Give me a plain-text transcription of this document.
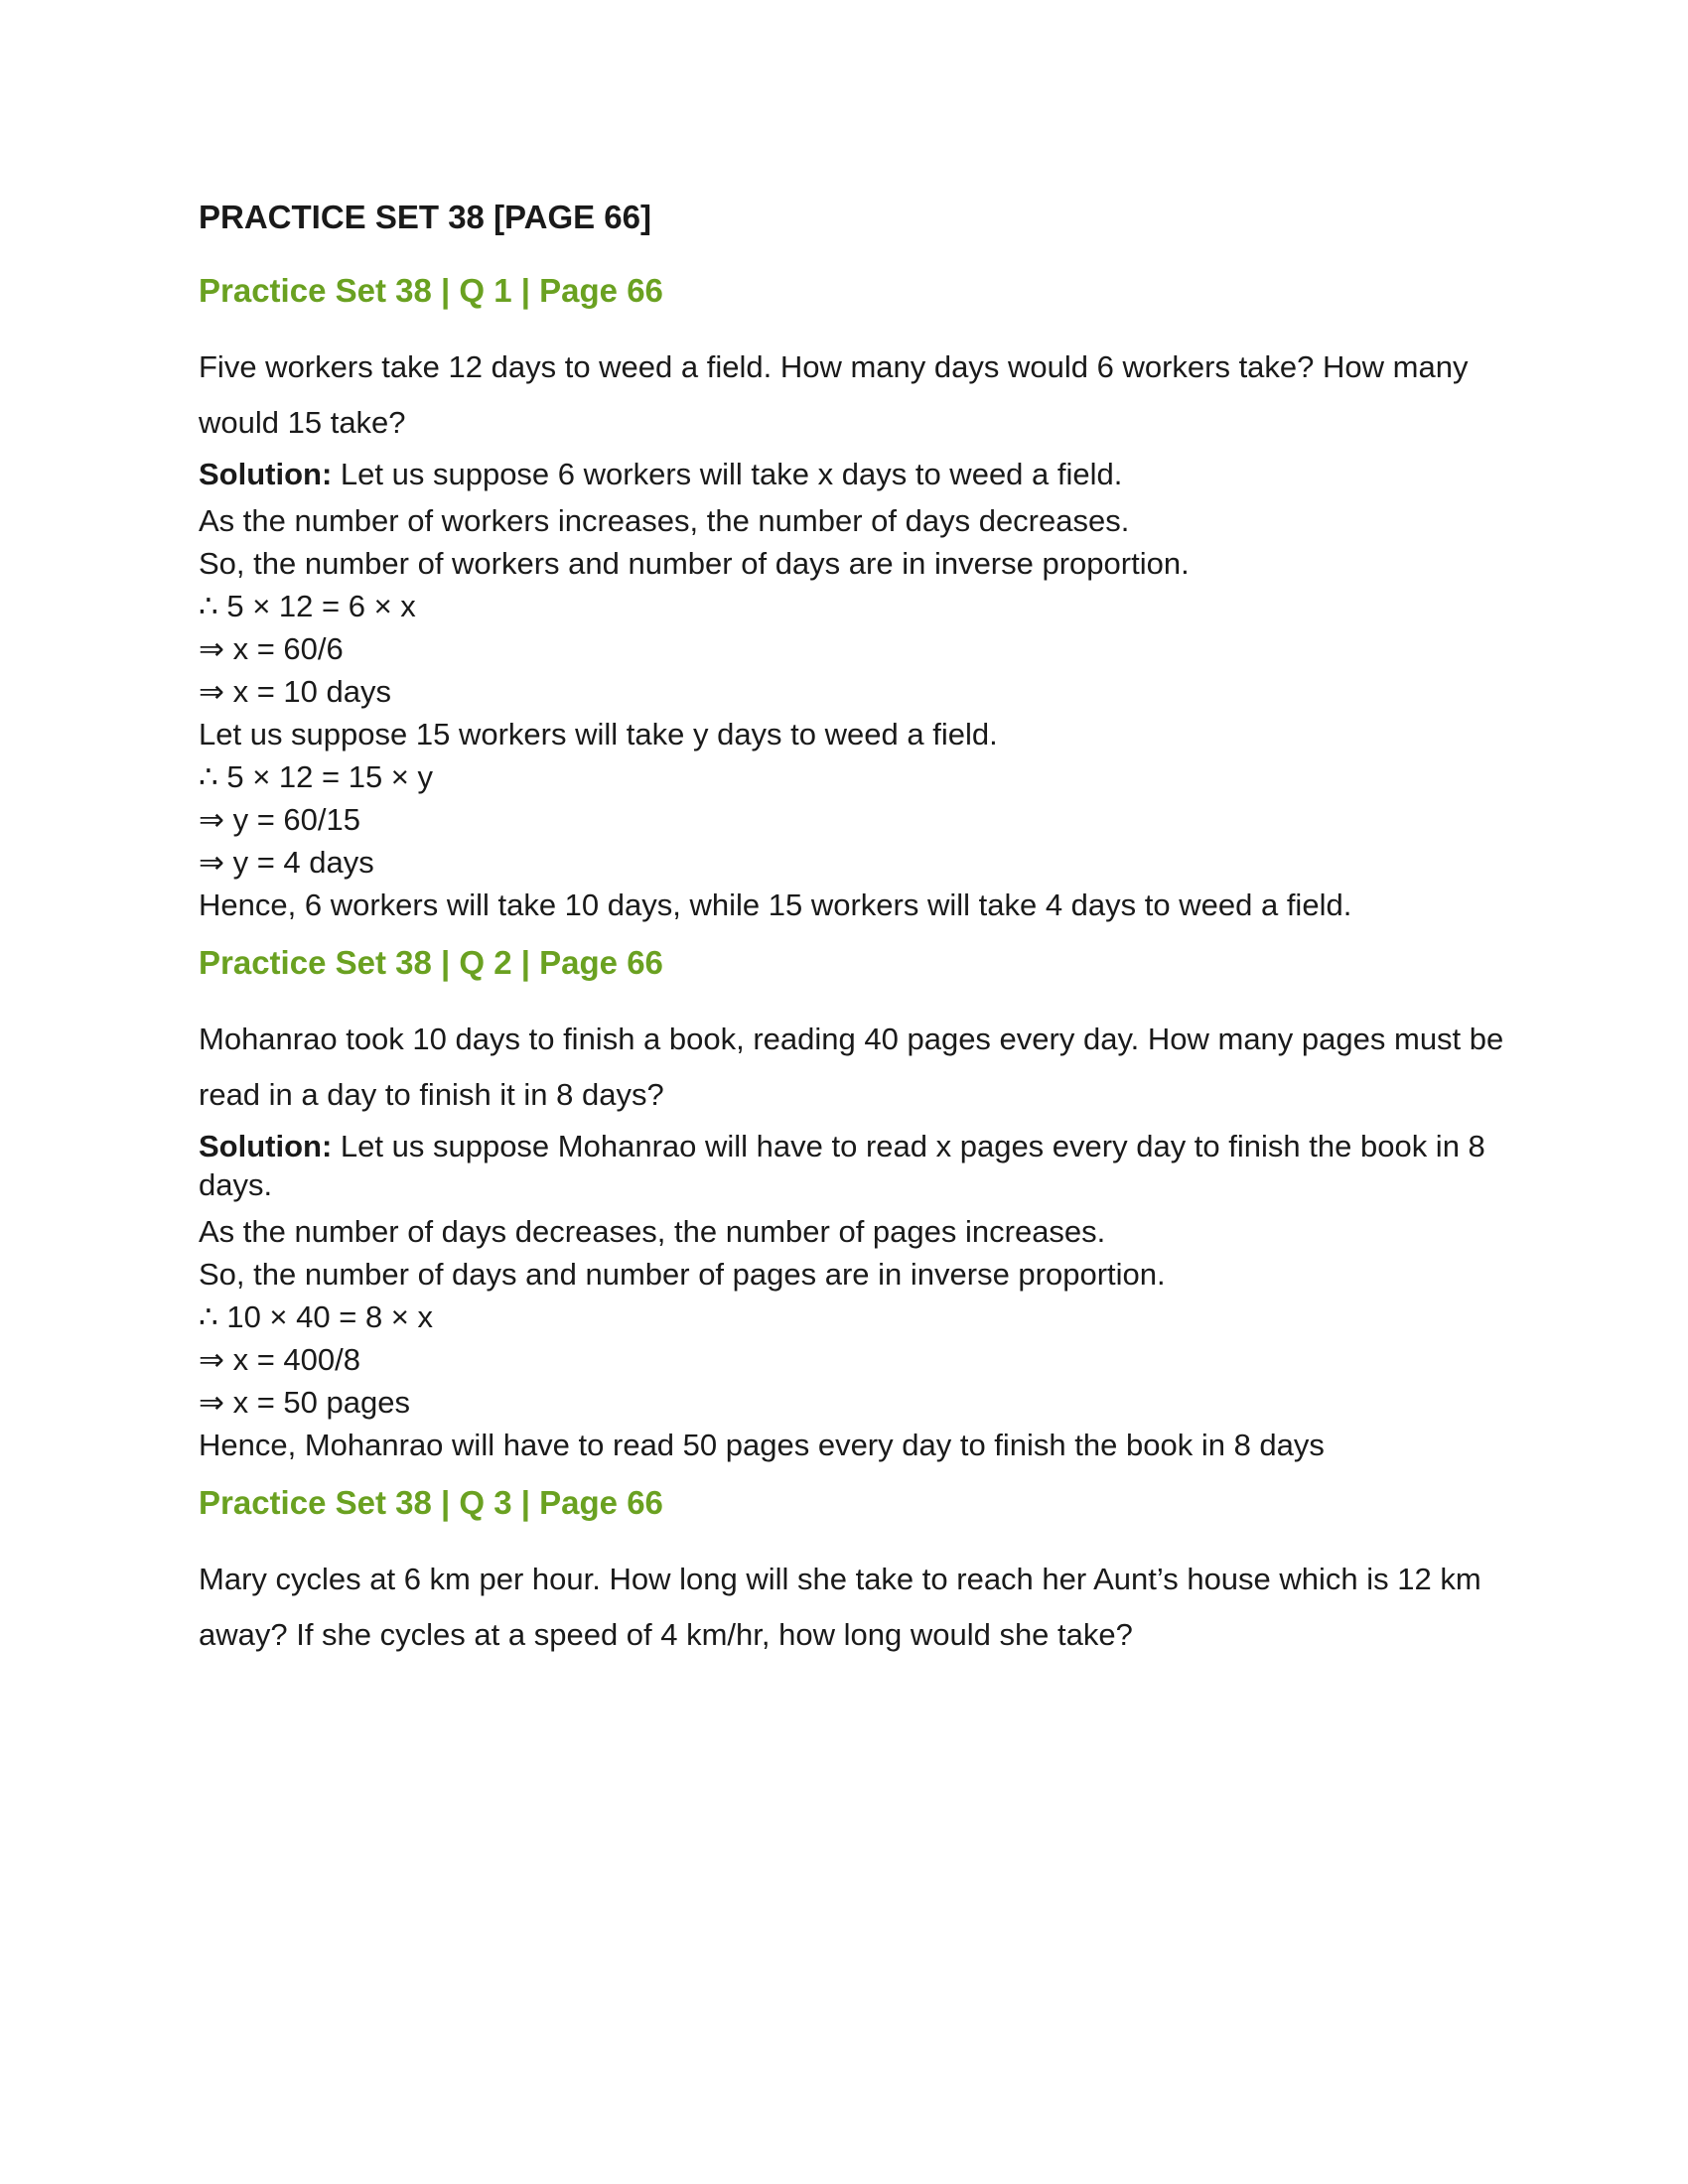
PRACTICE SET 38 [PAGE 66]
Practice Set 38 | Q 1 | Page 66

Five workers take 12 days to weed a field. How many days would 6 workers take? How many would 15 take?

Solution: Let us suppose 6 workers will take x days to weed a field.

As the number of workers increases, the number of days decreases.

So, the number of workers and number of days are in inverse proportion.

∴ 5 × 12 = 6 × x

⇒ x = 60/6

⇒ x = 10 days

Let us suppose 15 workers will take y days to weed a field.

∴ 5 × 12 = 15 × y

⇒ y = 60/15

⇒ y = 4 days

Hence, 6 workers will take 10 days, while 15 workers will take 4 days to weed a field.

Practice Set 38 | Q 2 | Page 66

Mohanrao took 10 days to finish a book, reading 40 pages every day. How many pages must be read in a day to finish it in 8 days?

Solution: Let us suppose Mohanrao will have to read x pages every day to finish the book in 8 days.

As the number of days decreases, the number of pages increases.

So, the number of days and number of pages are in inverse proportion.

∴ 10 × 40 = 8 × x

⇒ x = 400/8

⇒ x = 50 pages

Hence, Mohanrao will have to read 50 pages every day to finish the book in 8 days

Practice Set 38 | Q 3 | Page 66

Mary cycles at 6 km per hour. How long will she take to reach her Aunt’s house which is 12 km away? If she cycles at a speed of 4 km/hr, how long would she take?
